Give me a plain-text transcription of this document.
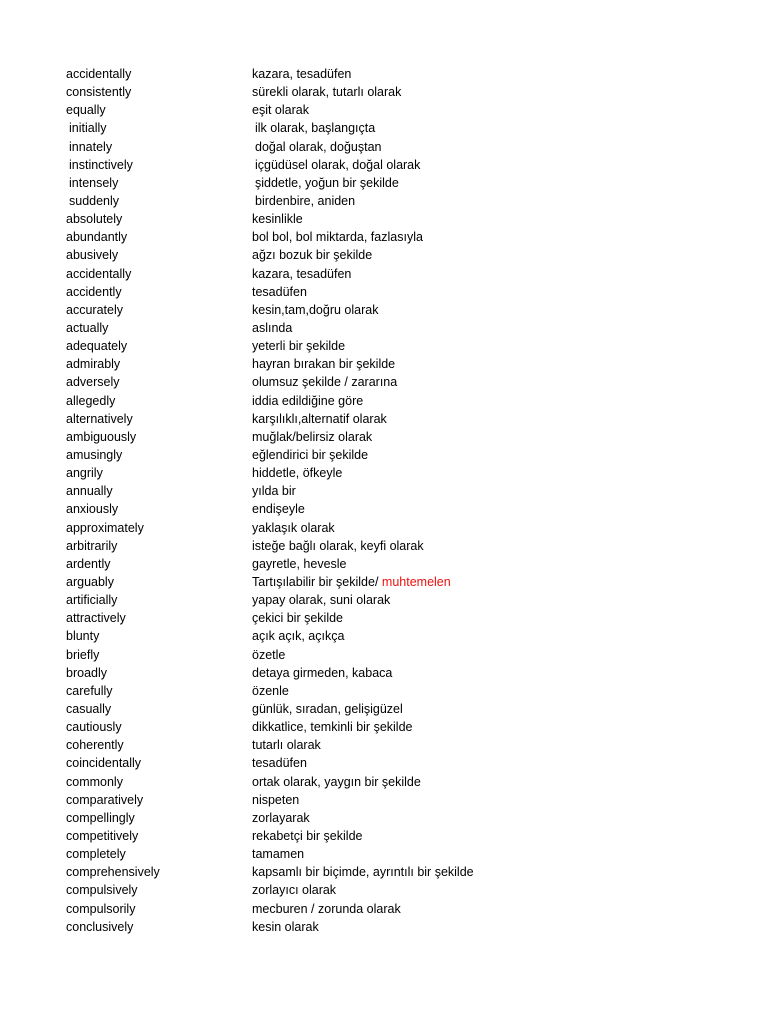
accidentally	kazara, tesadüfen
consistently	sürekli olarak, tutarlı olarak
equally	eşit olarak
initially	ilk olarak, başlangıçta
innately	doğal olarak, doğuştan
instinctively	içgüdüsel olarak, doğal olarak
intensely	şiddetle, yoğun bir şekilde
suddenly	birdenbire, aniden
absolutely	kesinlikle
abundantly	bol bol, bol miktarda, fazlasıyla
abusively	ağzı bozuk bir şekilde
accidentally	kazara, tesadüfen
accidently	tesadüfen
accurately	kesin,tam,doğru olarak
actually	aslında
adequately	yeterli bir şekilde
admirably	hayran bırakan bir şekilde
adversely	olumsuz şekilde / zararına
allegedly	iddia edildiğine göre
alternatively	karşılıklı,alternatif olarak
ambiguously	muğlak/belirsiz olarak
amusingly	eğlendirici bir şekilde
angrily	hiddetle, öfkeyle
annually	yılda bir
anxiously	endişeyle
approximately	yaklaşık olarak
arbitrarily	isteğe bağlı olarak, keyfi olarak
ardently	gayretle, hevesle
arguably	Tartışılabilir bir şekilde/ muhtemelen
artificially	yapay olarak, suni olarak
attractively	çekici bir şekilde
blunty	açık açık, açıkça
briefly	özetle
broadly	detaya girmeden, kabaca
carefully	özenle
casually	günlük, sıradan, gelişigüzel
cautiously	dikkatlice, temkinli bir şekilde
coherently	tutarlı olarak
coincidentally	tesadüfen
commonly	ortak olarak, yaygın bir şekilde
comparatively	nispeten
compellingly	zorlayarak
competitively	rekabetçi bir şekilde
completely	tamamen
comprehensively	kapsamlı bir biçimde, ayrıntılı bir şekilde
compulsively	zorlayıcı olarak
compulsorily	mecburen / zorunda olarak
conclusively	kesin olarak
